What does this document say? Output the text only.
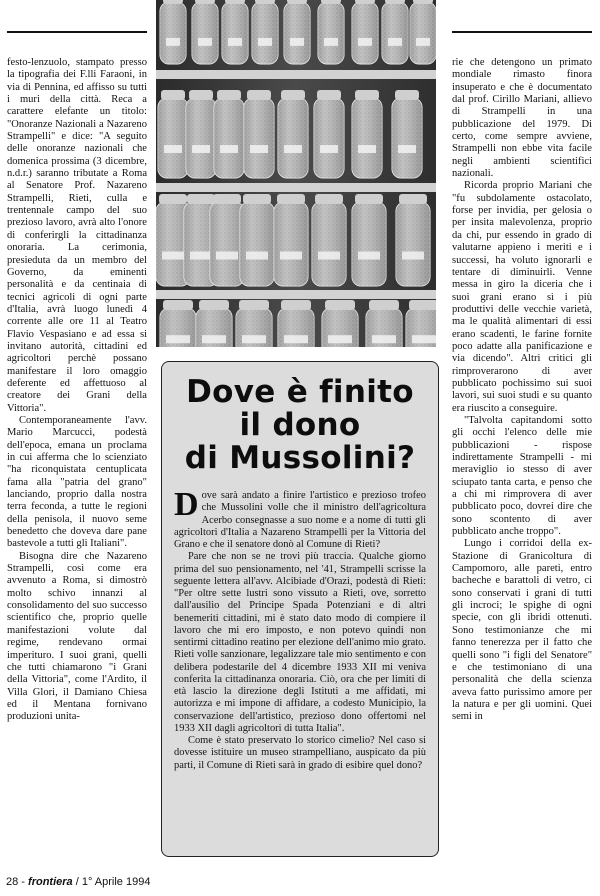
festo-lenzuolo, stampato presso la tipografia dei F.lli Faraoni, in via di Pennina, ed affisso su tutti i muri della città. Reca a carattere elefante un titolo: "Onoranze Nazionali a Nazareno Strampelli" e dice: "A seguito delle onoranze nazionali che domenica prossima (3 dicembre, n.d.r.) saranno tributate a Roma al Senatore Prof. Nazareno Strampelli, Rieti, culla e trentennale campo del suo prezioso lavoro, avrà alto l'onore di conferirgli la cittadinanza onoraria. La cerimonia, presieduta da un membro del Governo, da eminenti personalità e da centinaia di tecnici agricoli di ogni parte d'Italia, avrà luogo lunedì 4 corrente alle ore 11 al Teatro Flavio Vespasiano e ad essa si invitano autorità, cittadini ed agricoltori perchè possano manifestare il loro omaggio deferente ed affettuoso al creatore dei Grani della Vittoria".

Contemporaneamente l'avv. Mario Marcucci, podestà dell'epoca, emana un proclama in cui afferma che lo scienziato "ha riconquistata centuplicata fama alla "patria del grano" lanciando, proprio dalla nostra terra feconda, a tutte le regioni della penisola, il nuovo seme benedetto che doveva dare pane bastevole a tutti gli Italiani".

Bisogna dire che Nazareno Strampelli, così come era avvenuto a Roma, si dimostrò molto schivo innanzi al consolidamento del suo successo scientifico che, proprio quelle manifestazioni volute dal regime, rendevano ormai imperituro. I suoi grani, quelli che tutti chiamarono "i Grani della Vittoria", come l'Ardito, il Villa Glori, il Damiano Chiesa ed il Mentana fornivano produzioni unita-

Dove è finito
il dono
di Mussolini?

Dove sarà andato a finire l'artistico e prezioso trofeo che Mussolini volle che il ministro dell'agricoltura Acerbo consegnasse a suo nome e a nome di tutti gli agricoltori d'Italia a Nazareno Strampelli per la Vittoria del Grano e che il senatore donò al Comune di Rieti?

Pare che non se ne trovi più traccia. Qualche giorno prima del suo pensionamento, nel '41, Strampelli scrisse la seguente lettera all'avv. Alcibiade d'Orazi, podestà di Rieti: "Per oltre sette lustri sono vissuto a Rieti, ove, sorretto dall'ausilio del Principe Spada Potenziani e di altri benemeriti cittadini, mi è stato dato modo di compiere il lavoro che mi ero imposto, e non potevo quindi non sentirmi cittadino reatino per elezione dell'animo mio grato. Rieti volle sanzionare, legalizzare tale mio sentimento e con delibera podestarile del 4 dicembre 1933 XII mi veniva conferita la cittadinanza onoraria. Ciò, ora che per limiti di età lascio la direzione degli Istituti a me affidati, mi autorizza e mi impone di affidare, a codesto Municipio, la conservazione dell'artistico, prezioso dono offertomi nel 1933 XII dagli agricoltori di tutta Italia".

Come è stato preservato lo storico cimelio? Nel caso si dovesse istituire un museo strampelliano, auspicato da più parti, il Comune di Rieti sarà in grado di esibire quel dono?

rie che detengono un primato mondiale rimasto finora insuperato e che è documentato dal prof. Cirillo Mariani, allievo di Strampelli in una pubblicazione del 1979. Di certo, come sempre avviene, Strampelli non ebbe vita facile negli ambienti scientifici nazionali.

Ricorda proprio Mariani che "fu subdolamente ostacolato, forse per invidia, per gelosia o per insita malevolenza, proprio da chi, pur essendo in grado di valutarne appieno i meriti e i successi, ha voluto ignorarli e tentare di diminuirli. Venne messa in giro la diceria che i suoi grani erano sì i più produttivi delle vecchie varietà, ma le qualità alimentari di essi erano scadenti, le farine fornite poco adatte alla panificazione e via dicendo". Altri critici gli rimproverarono di aver pubblicato pochissimo sui suoi lavori, sui suoi studi e su quanto era riuscito a conseguire.

"Talvolta capitandomi sotto gli occhi l'elenco delle mie pubblicazioni - rispose indirettamente Strampelli - mi meraviglio io stesso di aver sciupato tanta carta, e penso che a chi mi rimprovera di aver pubblicato poco, dovrei dire che sono scontento di aver pubblicato anche troppo".

Lungo i corridoi della ex-Stazione di Granicoltura di Campomoro, alle pareti, entro bacheche e barattoli di vetro, ci sono conservati i grani di tutti gli incroci; le spighe di ogni specie, con gli ibridi ottenuti. Sono testimonianze che mi fanno tenerezza per il fatto che quelli sono "i figli del Senatore" e che testimoniano di una personalità che della scienza aveva fatto purissimo amore per la natura e per gli uomini. Quei semi in

28 - frontiera / 1° Aprile 1994
